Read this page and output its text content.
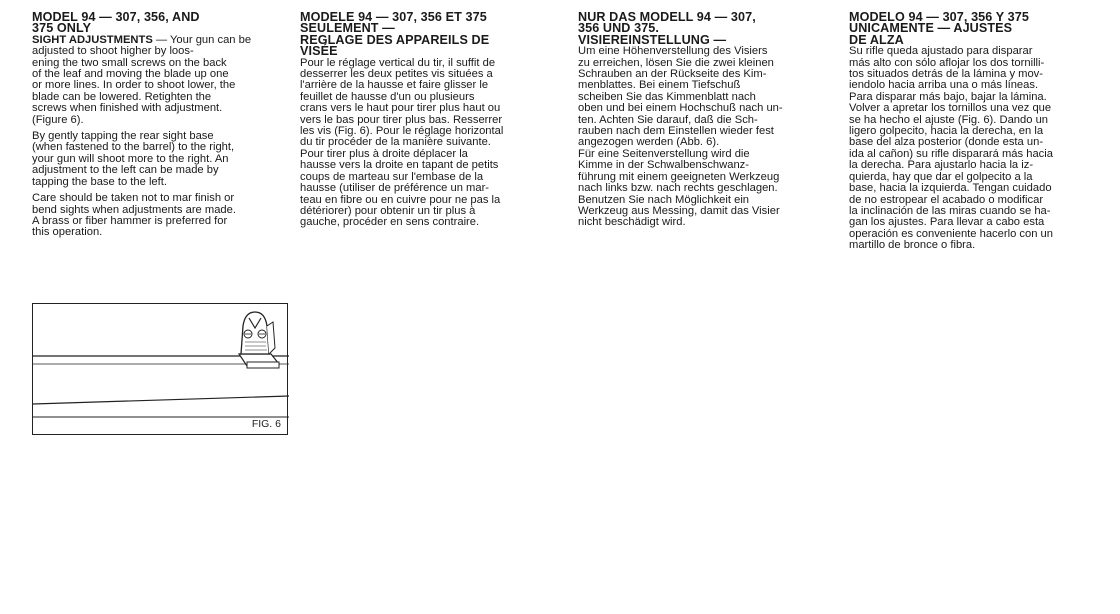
MODEL 94 — 307, 356, AND
375 ONLY

SIGHT ADJUSTMENTS — Your gun can be adjusted to shoot higher by loos-
ening the two small screws on the back
of the leaf and moving the blade up one
or more lines. In order to shoot lower, the
blade can be lowered. Retighten the
screws when finished with adjustment.
(Figure 6).

By gently tapping the rear sight base
(when fastened to the barrel) to the right,
your gun will shoot more to the right. An
adjustment to the left can be made by
tapping the base to the left.

Care should be taken not to mar finish or
bend sights when adjustments are made.
A brass or fiber hammer is preferred for
this operation.

FIG. 6

MODELE 94 — 307, 356 ET 375
SEULEMENT —
REGLAGE DES APPAREILS DE
VISÉE

Pour le réglage vertical du tir, il suffit de
desserrer les deux petites vis situées a
l'arrière de la hausse et faire glisser le
feuillet de hausse d'un ou plusieurs
crans vers le haut pour tirer plus haut ou
vers le bas pour tirer plus bas. Resserrer
les vis (Fig. 6). Pour le réglage horizontal
du tir procéder de la manière suivante.
Pour tirer plus à droite déplacer la
hausse vers la droite en tapant de petits
coups de marteau sur l'embase de la
hausse (utiliser de préférence un mar-
teau en fibre ou en cuivre pour ne pas la
détériorer) pour obtenir un tir plus à
gauche, procéder en sens contraire.

NUR DAS MODELL 94 — 307,
356 UND 375.
VISIEREINSTELLUNG —

Um eine Höhenverstellung des Visiers
zu erreichen, lösen Sie die zwei kleinen
Schrauben an der Rückseite des Kim-
menblattes. Bei einem Tiefschuß
scheiben Sie das Kimmenblatt nach
oben und bei einem Hochschuß nach un-
ten. Achten Sie darauf, daß die Sch-
rauben nach dem Einstellen wieder fest
angezogen werden (Abb. 6).
Für eine Seitenverstellung wird die
Kimme in der Schwalbenschwanz-
führung mit einem geeigneten Werkzeug
nach links bzw. nach rechts geschlagen.
Benutzen Sie nach Möglichkeit ein
Werkzeug aus Messing, damit das Visier
nicht beschädigt wird.

MODELO 94 — 307, 356 Y 375
UNICAMENTE — AJUSTES
DE ALZA

Su rifle queda ajustado para disparar
más alto con sólo aflojar los dos tornilli-
tos situados detrás de la lámina y mov-
iendolo hacia arriba una o más líneas.
Para disparar más bajo, bajar la lámina.
Volver a apretar los tornillos una vez que
se ha hecho el ajuste (Fig. 6). Dando un
ligero golpecito, hacia la derecha, en la
base del alza posterior (donde esta un-
ida al cañon) su rifle disparará más hacia
la derecha. Para ajustarlo hacia la iz-
quierda, hay que dar el golpecito a la
base, hacia la izquierda. Tengan cuidado
de no estropear el acabado o modificar
la inclinación de las miras cuando se ha-
gan los ajustes. Para llevar a cabo esta
operación es conveniente hacerlo con un
martillo de bronce o fibra.
